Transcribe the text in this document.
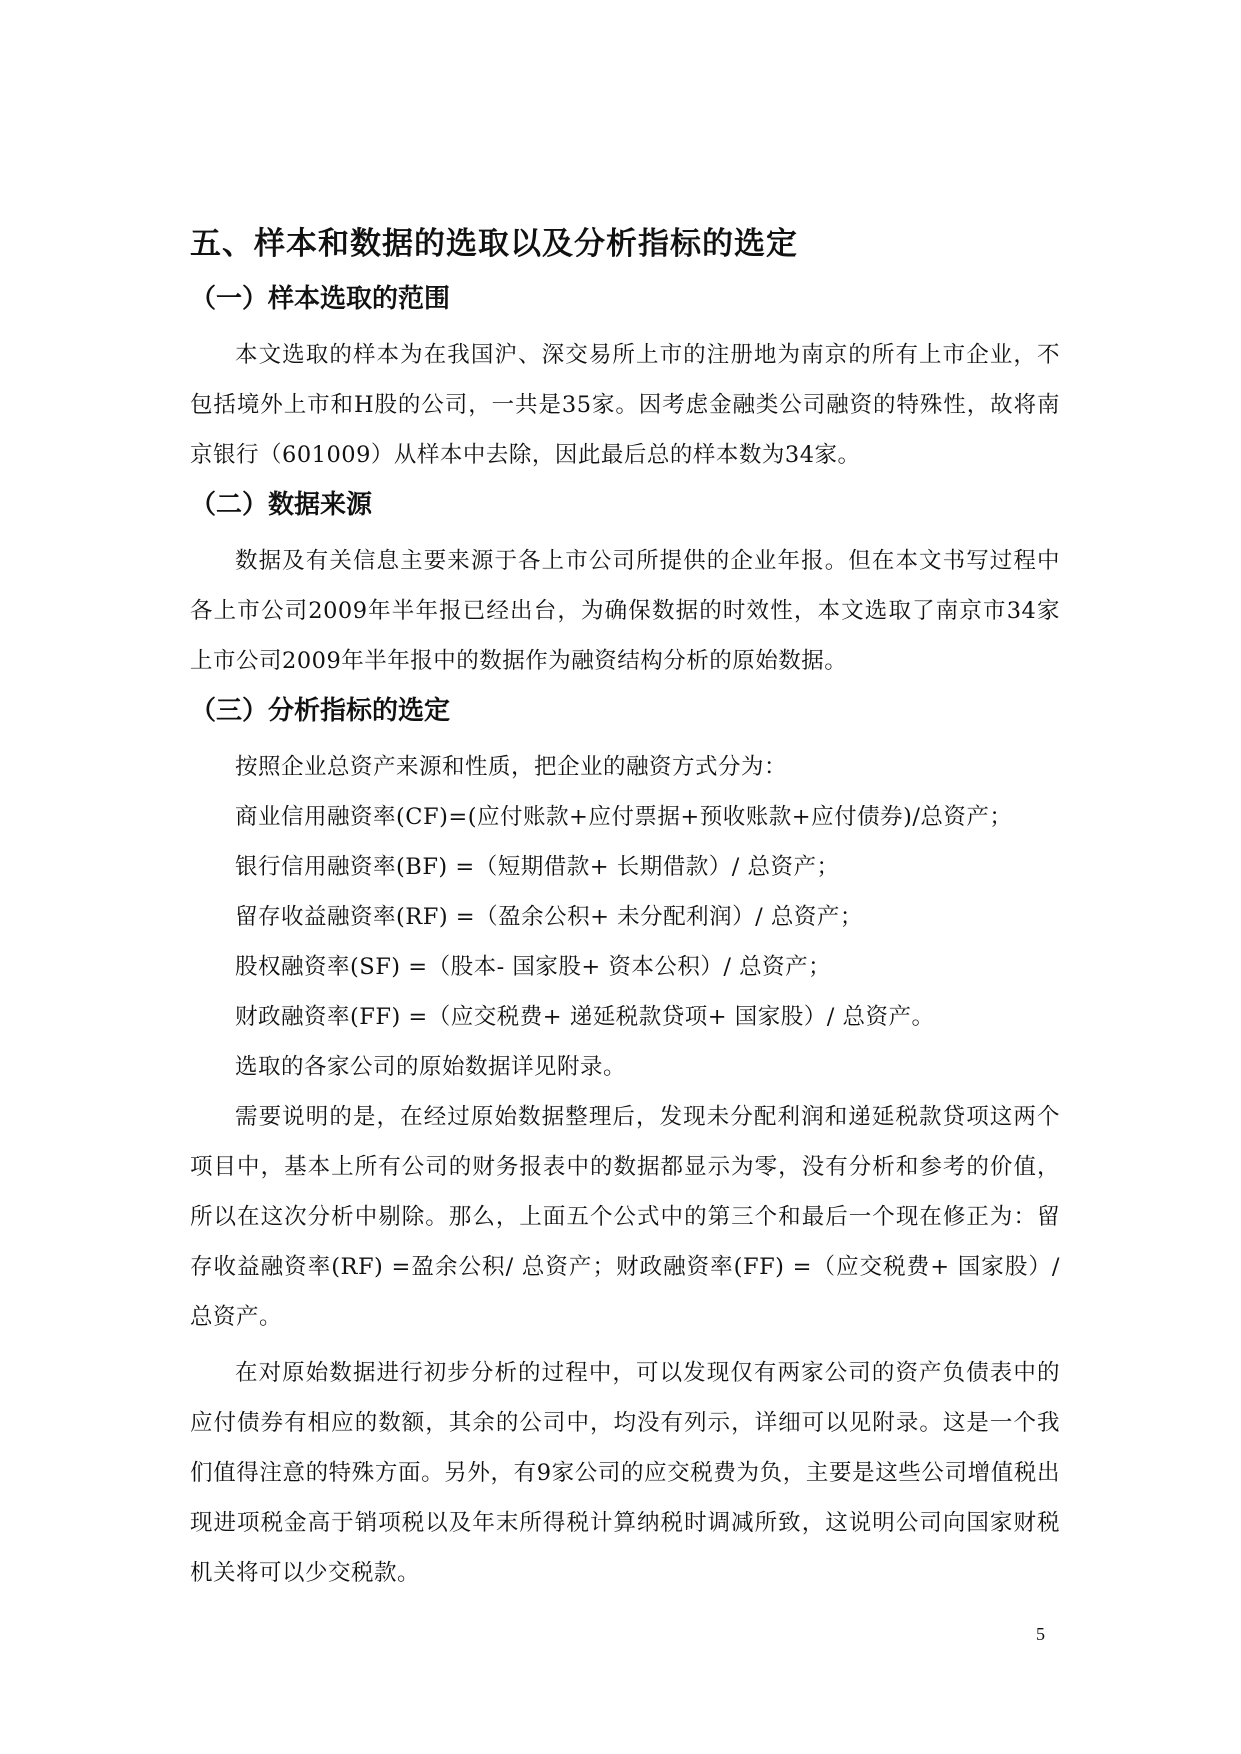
五、样本和数据的选取以及分析指标的选定
（一）样本选取的范围

本文选取的样本为在我国沪、深交易所上市的注册地为南京的所有上市企业，不包括境外上市和H股的公司，一共是35家。因考虑金融类公司融资的特殊性，故将南京银行（601009）从样本中去除，因此最后总的样本数为34家。

（二）数据来源

数据及有关信息主要来源于各上市公司所提供的企业年报。但在本文书写过程中各上市公司2009年半年报已经出台，为确保数据的时效性，本文选取了南京市34家上市公司2009年半年报中的数据作为融资结构分析的原始数据。

（三）分析指标的选定

按照企业总资产来源和性质，把企业的融资方式分为：

商业信用融资率(CF)=(应付账款+应付票据+预收账款+应付债券)/总资产；

银行信用融资率(BF) =（短期借款+ 长期借款）/ 总资产；

留存收益融资率(RF) =（盈余公积+ 未分配利润）/ 总资产；

股权融资率(SF) =（股本- 国家股+ 资本公积）/ 总资产；

财政融资率(FF) =（应交税费+ 递延税款贷项+ 国家股）/ 总资产。

选取的各家公司的原始数据详见附录。

需要说明的是，在经过原始数据整理后，发现未分配利润和递延税款贷项这两个项目中，基本上所有公司的财务报表中的数据都显示为零，没有分析和参考的价值，所以在这次分析中剔除。那么，上面五个公式中的第三个和最后一个现在修正为：留存收益融资率(RF) =盈余公积/ 总资产；财政融资率(FF) =（应交税费+ 国家股）/ 总资产。

在对原始数据进行初步分析的过程中，可以发现仅有两家公司的资产负债表中的应付债券有相应的数额，其余的公司中，均没有列示，详细可以见附录。这是一个我们值得注意的特殊方面。另外，有9家公司的应交税费为负，主要是这些公司增值税出现进项税金高于销项税以及年末所得税计算纳税时调减所致，这说明公司向国家财税机关将可以少交税款。

5
